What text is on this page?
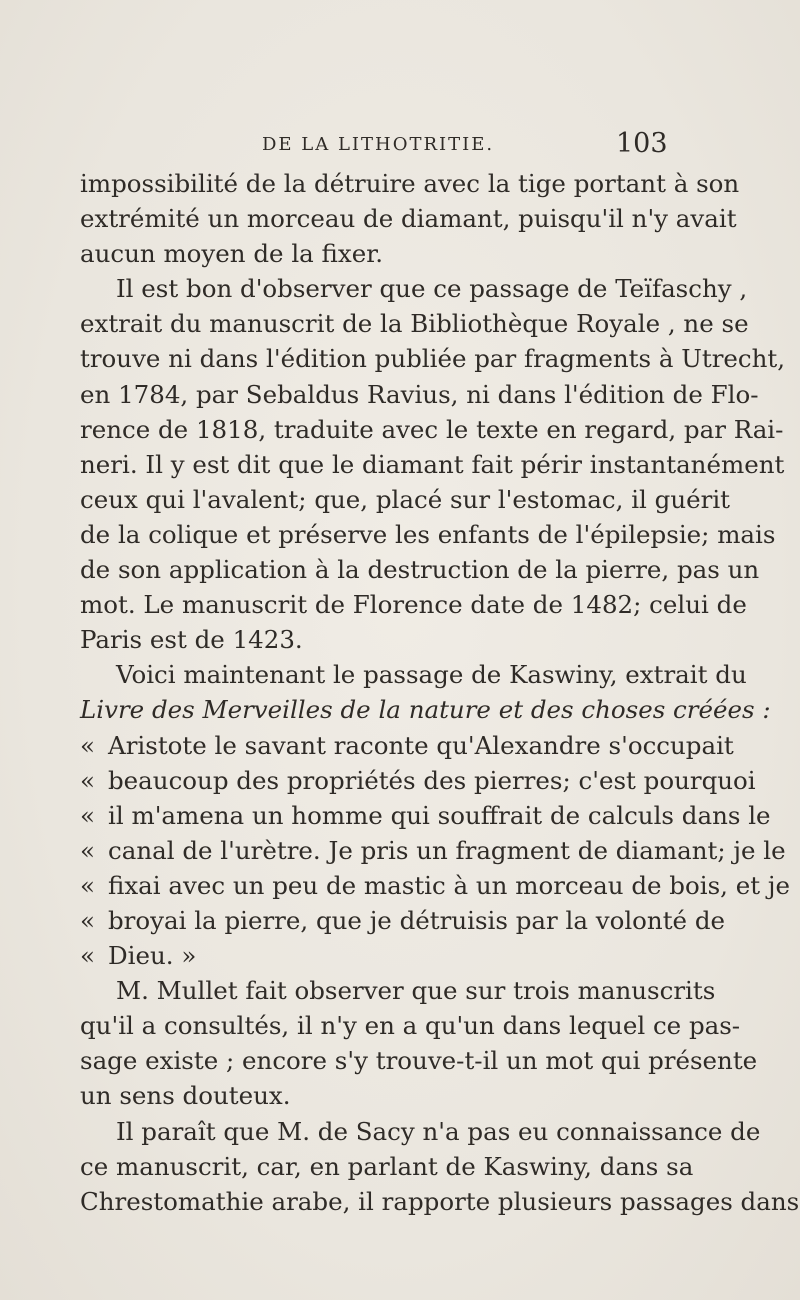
DE LA LITHOTRITIE.	103
impossibilité de la détruire avec la tige portant à son
extrémité un morceau de diamant, puisqu'il n'y avait
aucun moyen de la fixer.
Il est bon d'observer que ce passage de Teïfaschy ,
extrait du manuscrit de la Bibliothèque Royale , ne se
trouve ni dans l'édition publiée par fragments à Utrecht,
en 1784, par Sebaldus Ravius, ni dans l'édition de Flo-
rence de 1818, traduite avec le texte en regard, par Rai-
neri. Il y est dit que le diamant fait périr instantanément
ceux qui l'avalent; que, placé sur l'estomac, il guérit
de la colique et préserve les enfants de l'épilepsie; mais
de son application à la destruction de la pierre, pas un
mot. Le manuscrit de Florence date de 1482; celui de
Paris est de 1423.
Voici maintenant le passage de Kaswiny, extrait du
Livre des Merveilles de la nature et des choses créées :
« Aristote le savant raconte qu'Alexandre s'occupait
« beaucoup des propriétés des pierres; c'est pourquoi
« il m'amena un homme qui souffrait de calculs dans le
« canal de l'urètre. Je pris un fragment de diamant; je le
« fixai avec un peu de mastic à un morceau de bois, et je
« broyai la pierre, que je détruisis par la volonté de
« Dieu. »
M. Mullet fait observer que sur trois manuscrits
qu'il a consultés, il n'y en a qu'un dans lequel ce pas-
sage existe ; encore s'y trouve-t-il un mot qui présente
un sens douteux.
Il paraît que M. de Sacy n'a pas eu connaissance de
ce manuscrit, car, en parlant de Kaswiny, dans sa
Chrestomathie arabe, il rapporte plusieurs passages dans
